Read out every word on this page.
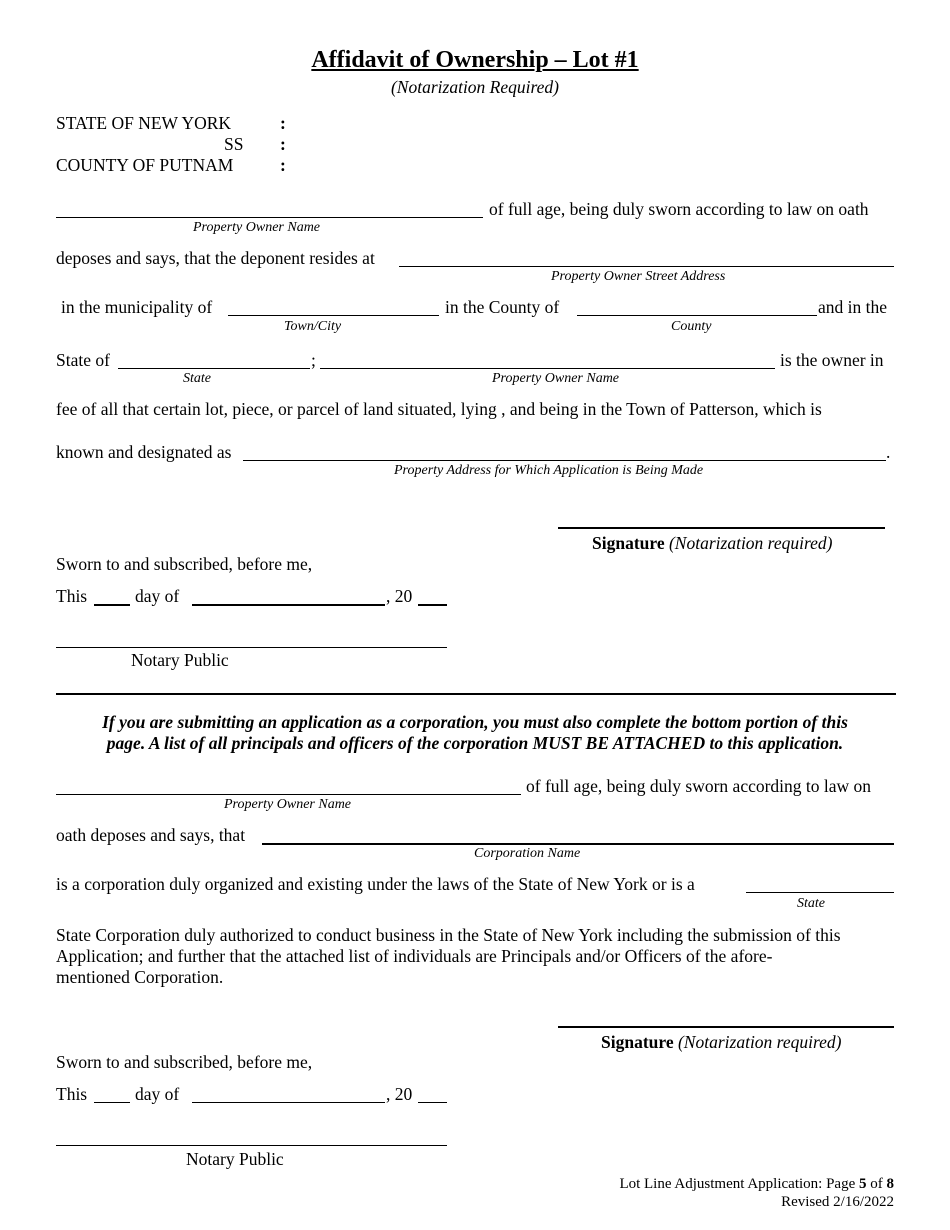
Affidavit of Ownership – Lot #1
(Notarization Required)
STATE OF NEW YORK	:
SS :
COUNTY OF PUTNAM	:
of full age, being duly sworn according to law on oath
Property Owner Name
deposes and says, that the deponent resides at
Property Owner Street Address
in the municipality of	in the County of	and in the
Town/City	County
State of	;	is the owner in
State	Property Owner Name
fee of all that certain lot, piece, or parcel of land situated, lying , and being in the Town of Patterson, which is
known and designated as	.
Property Address for Which Application is Being Made
Signature (Notarization required)
Sworn to and subscribed, before me,
This	day of	, 20
Notary Public
If you are submitting an application as a corporation, you must also complete the bottom portion of this
page. A list of all principals and officers of the corporation MUST BE ATTACHED to this application.
of full age, being duly sworn according to law on
Property Owner Name
oath deposes and says, that
Corporation Name
is a corporation duly organized and existing under the laws of the State of New York or is a
State
State Corporation duly authorized to conduct business in the State of New York including the submission of this
Application; and further that the attached list of individuals are Principals and/or Officers of the afore-
mentioned Corporation.
Signature (Notarization required)
Sworn to and subscribed, before me,
This	day of	, 20
Notary Public
Lot Line Adjustment Application: Page 5 of 8
Revised 2/16/2022
